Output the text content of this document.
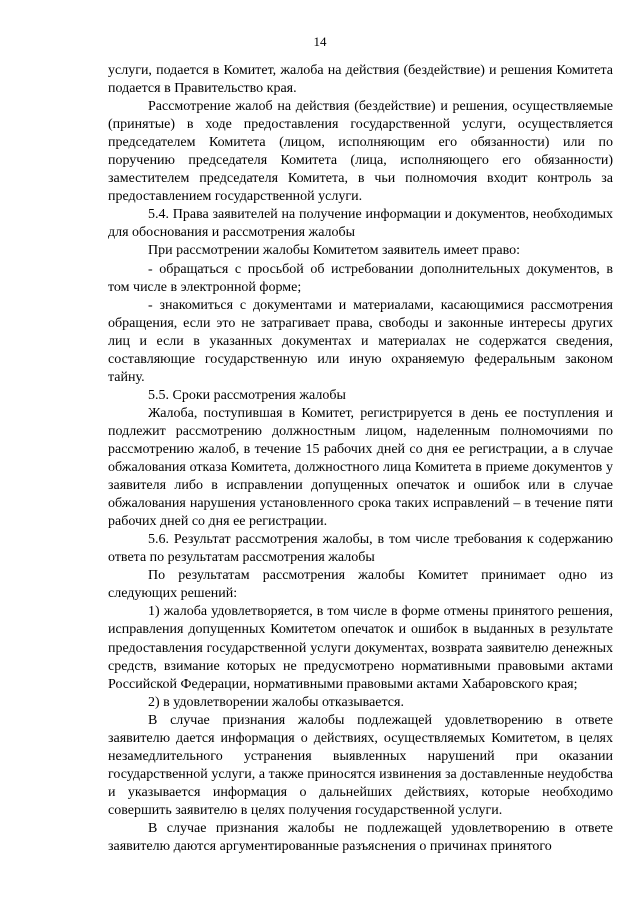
14

услуги, подается в Комитет, жалоба на действия (бездействие) и решения Комитета подается в Правительство края.

Рассмотрение жалоб на действия (бездействие) и решения, осуществляемые (принятые) в ходе предоставления государственной услуги, осуществляется председателем Комитета (лицом, исполняющим его обязанности) или по поручению председателя Комитета (лица, исполняющего его обязанности) заместителем председателя Комитета, в чьи полномочия входит контроль за предоставлением государственной услуги.

5.4. Права заявителей на получение информации и документов, необходимых для обоснования и рассмотрения жалобы

При рассмотрении жалобы Комитетом заявитель имеет право:

- обращаться с просьбой об истребовании дополнительных документов, в том числе в электронной форме;

- знакомиться с документами и материалами, касающимися рассмотрения обращения, если это не затрагивает права, свободы и законные интересы других лиц и если в указанных документах и материалах не содержатся сведения, составляющие государственную или иную охраняемую федеральным законом тайну.

5.5. Сроки рассмотрения жалобы

Жалоба, поступившая в Комитет, регистрируется в день ее поступления и подлежит рассмотрению должностным лицом, наделенным полномочиями по рассмотрению жалоб, в течение 15 рабочих дней со дня ее регистрации, а в случае обжалования отказа Комитета, должностного лица Комитета в приеме документов у заявителя либо в исправлении допущенных опечаток и ошибок или в случае обжалования нарушения установленного срока таких исправлений – в течение пяти рабочих дней со дня ее регистрации.

5.6. Результат рассмотрения жалобы, в том числе требования к содержанию ответа по результатам рассмотрения жалобы

По результатам рассмотрения жалобы Комитет принимает одно из следующих решений:

1) жалоба удовлетворяется, в том числе в форме отмены принятого решения, исправления допущенных Комитетом опечаток и ошибок в выданных в результате предоставления государственной услуги документах, возврата заявителю денежных средств, взимание которых не предусмотрено нормативными правовыми актами Российской Федерации, нормативными правовыми актами Хабаровского края;

2) в удовлетворении жалобы отказывается.

В случае признания жалобы подлежащей удовлетворению в ответе заявителю дается информация о действиях, осуществляемых Комитетом, в целях незамедлительного устранения выявленных нарушений при оказании государственной услуги, а также приносятся извинения за доставленные неудобства и указывается информация о дальнейших действиях, которые необходимо совершить заявителю в целях получения государственной услуги.

В случае признания жалобы не подлежащей удовлетворению в ответе заявителю даются аргументированные разъяснения о причинах принятого
